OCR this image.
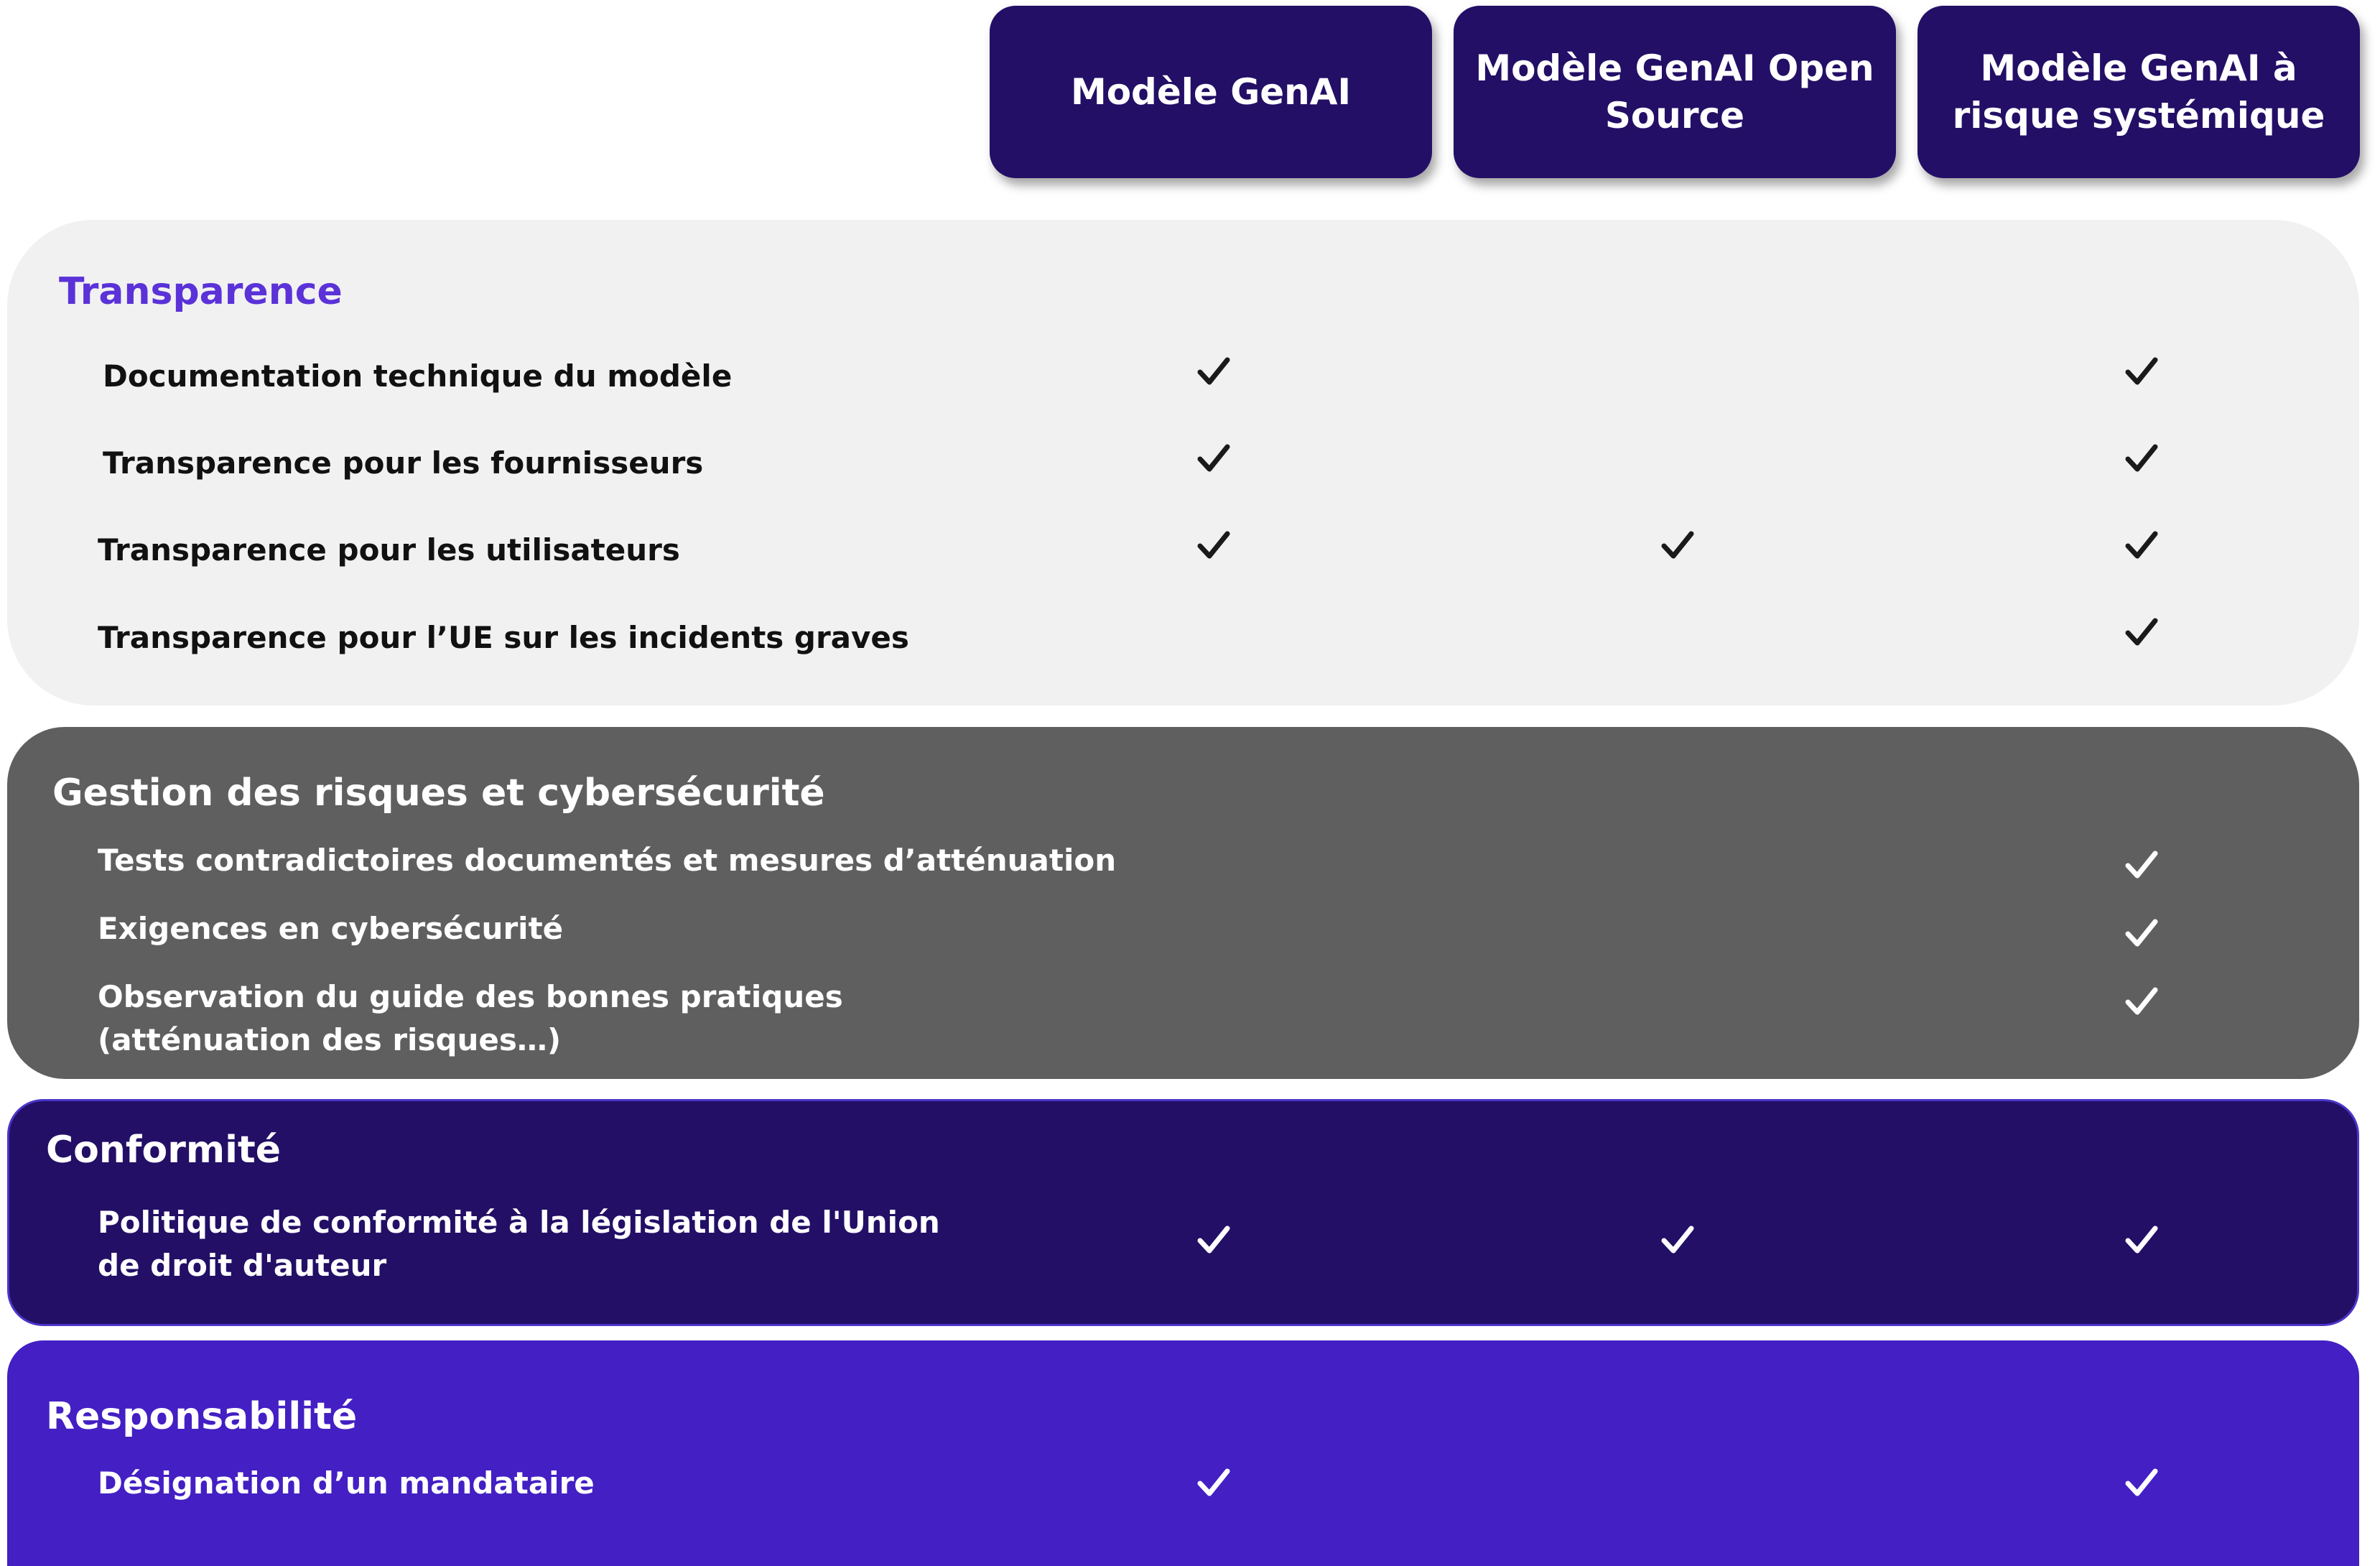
Modèle GenAI
Modèle GenAI Open Source
Modèle GenAI à risque systémique
Transparence
Documentation technique du modèle
Transparence pour les fournisseurs
Transparence pour les utilisateurs
Transparence pour l’UE sur les incidents graves
Gestion des risques et cybersécurité
Tests contradictoires documentés et mesures d’atténuation
Exigences en cybersécurité
Observation du guide des bonnes pratiques
(atténuation des risques…)
Conformité
Politique de conformité à la législation de l'Union
de droit d'auteur
Responsabilité
Désignation d’un mandataire
